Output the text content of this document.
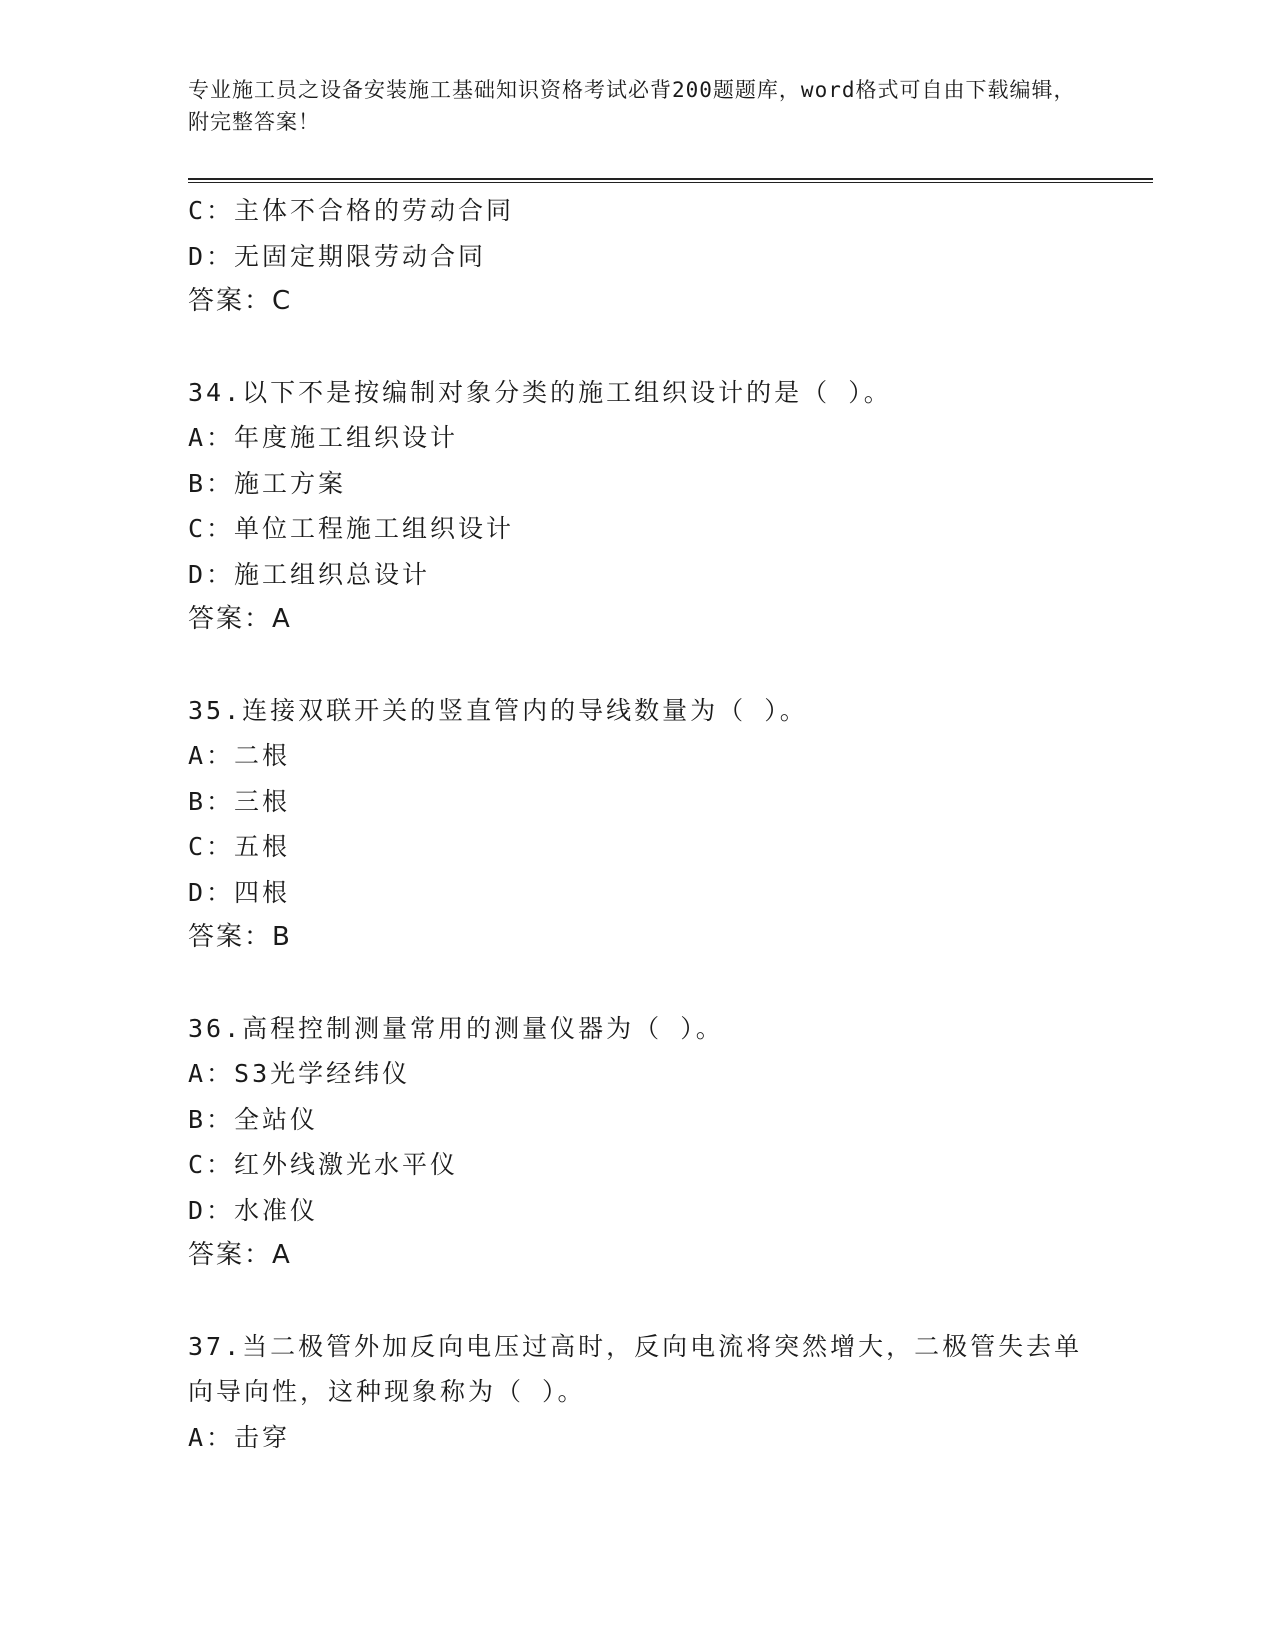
专业施工员之设备安装施工基础知识资格考试必背200题题库，word格式可自由下载编辑，附完整答案！
C：主体不合格的劳动合同
D：无固定期限劳动合同
答案：C
34.以下不是按编制对象分类的施工组织设计的是（ ）。
A：年度施工组织设计
B：施工方案
C：单位工程施工组织设计
D：施工组织总设计
答案：A
35.连接双联开关的竖直管内的导线数量为（ ）。
A：二根
B：三根
C：五根
D：四根
答案：B
36.高程控制测量常用的测量仪器为（ ）。
A：S3光学经纬仪
B：全站仪
C：红外线激光水平仪
D：水准仪
答案：A
37.当二极管外加反向电压过高时，反向电流将突然增大，二极管失去单向导向性，这种现象称为（ ）。
A：击穿
